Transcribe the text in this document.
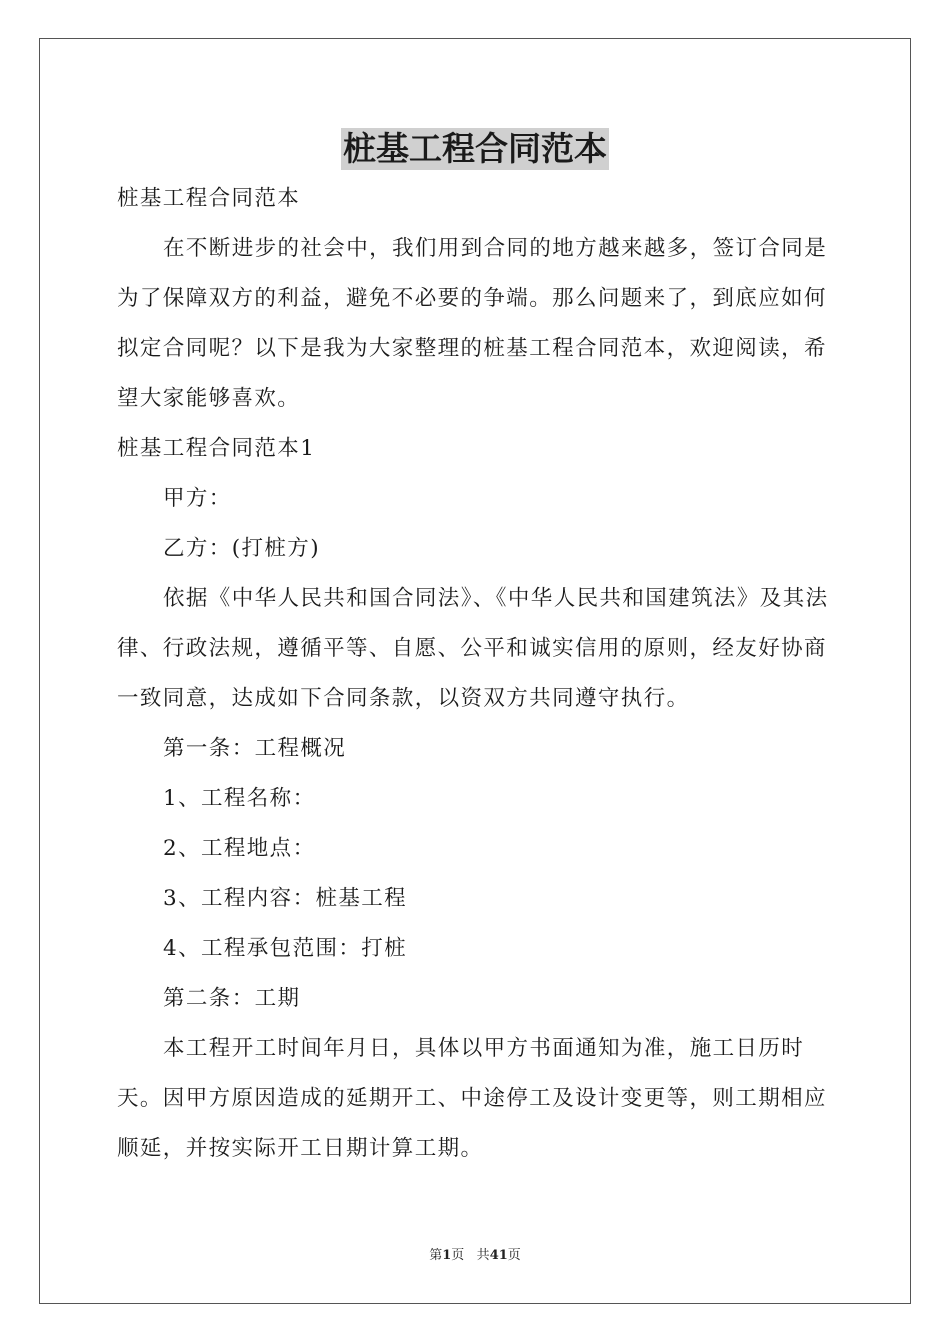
桩基工程合同范本

桩基工程合同范本

在不断进步的社会中，我们用到合同的地方越来越多，签订合同是为了保障双方的利益，避免不必要的争端。那么问题来了，到底应如何拟定合同呢？以下是我为大家整理的桩基工程合同范本，欢迎阅读，希望大家能够喜欢。

桩基工程合同范本1

甲方：

乙方：(打桩方)

依据《中华人民共和国合同法》、《中华人民共和国建筑法》及其法律、行政法规，遵循平等、自愿、公平和诚实信用的原则，经友好协商一致同意，达成如下合同条款，以资双方共同遵守执行。

第一条：工程概况

1、工程名称：

2、工程地点：

3、工程内容：桩基工程

4、工程承包范围：打桩

第二条：工期

本工程开工时间年月日，具体以甲方书面通知为准，施工日历时天。因甲方原因造成的延期开工、中途停工及设计变更等，则工期相应顺延，并按实际开工日期计算工期。

第1页 共41页
